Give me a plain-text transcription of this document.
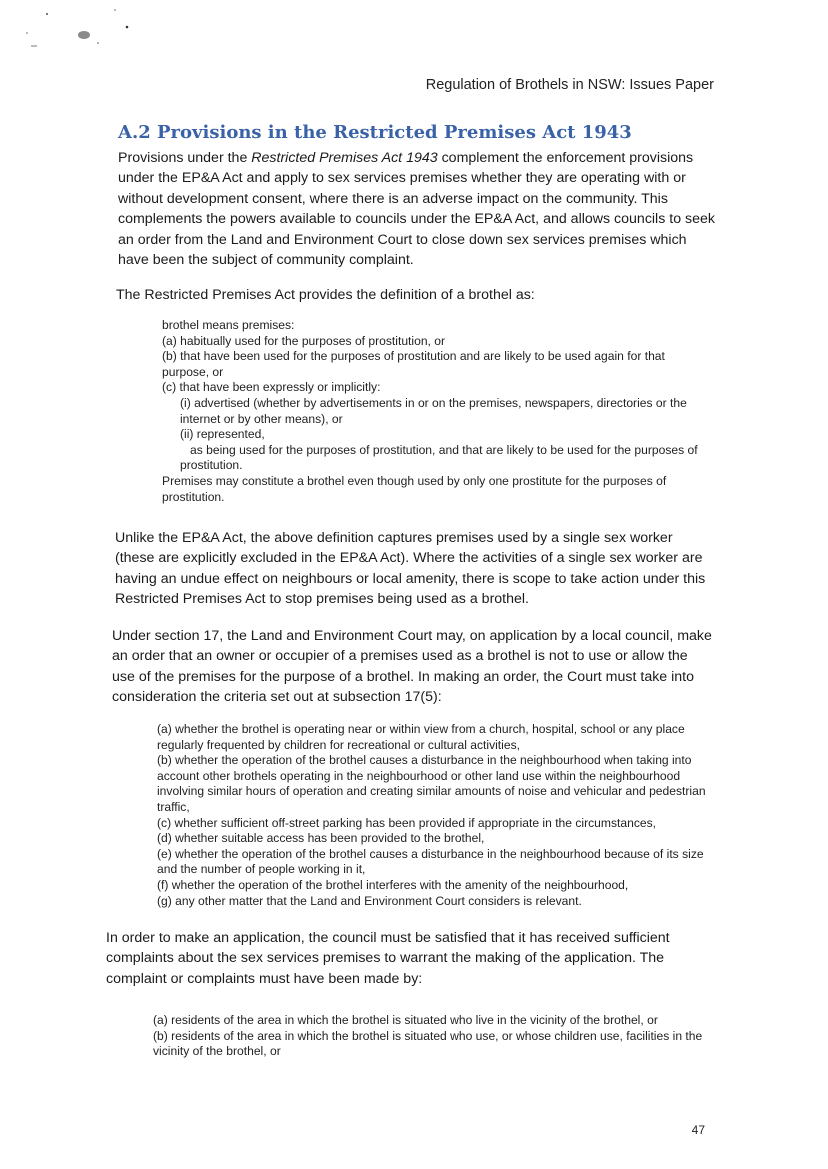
Regulation of Brothels in NSW: Issues Paper
A.2 Provisions in the Restricted Premises Act 1943

Provisions under the Restricted Premises Act 1943 complement the enforcement provisions under the EP&A Act and apply to sex services premises whether they are operating with or without development consent, where there is an adverse impact on the community. This complements the powers available to councils under the EP&A Act, and allows councils to seek an order from the Land and Environment Court to close down sex services premises which have been the subject of community complaint.

The Restricted Premises Act provides the definition of a brothel as:

brothel means premises:

(a) habitually used for the purposes of prostitution, or

(b) that have been used for the purposes of prostitution and are likely to be used again for that purpose, or

(c) that have been expressly or implicitly:

(i) advertised (whether by advertisements in or on the premises, newspapers, directories or the internet or by other means), or

(ii) represented,

as being used for the purposes of prostitution, and that are likely to be used for the purposes of prostitution.

Premises may constitute a brothel even though used by only one prostitute for the purposes of prostitution.

Unlike the EP&A Act, the above definition captures premises used by a single sex worker (these are explicitly excluded in the EP&A Act). Where the activities of a single sex worker are having an undue effect on neighbours or local amenity, there is scope to take action under this Restricted Premises Act to stop premises being used as a brothel.

Under section 17, the Land and Environment Court may, on application by a local council, make an order that an owner or occupier of a premises used as a brothel is not to use or allow the use of the premises for the purpose of a brothel. In making an order, the Court must take into consideration the criteria set out at subsection 17(5):

(a) whether the brothel is operating near or within view from a church, hospital, school or any place regularly frequented by children for recreational or cultural activities,

(b) whether the operation of the brothel causes a disturbance in the neighbourhood when taking into account other brothels operating in the neighbourhood or other land use within the neighbourhood involving similar hours of operation and creating similar amounts of noise and vehicular and pedestrian traffic,

(c) whether sufficient off-street parking has been provided if appropriate in the circumstances,

(d) whether suitable access has been provided to the brothel,

(e) whether the operation of the brothel causes a disturbance in the neighbourhood because of its size and the number of people working in it,

(f) whether the operation of the brothel interferes with the amenity of the neighbourhood,

(g) any other matter that the Land and Environment Court considers is relevant.

In order to make an application, the council must be satisfied that it has received sufficient complaints about the sex services premises to warrant the making of the application. The complaint or complaints must have been made by:

(a) residents of the area in which the brothel is situated who live in the vicinity of the brothel, or

(b) residents of the area in which the brothel is situated who use, or whose children use, facilities in the vicinity of the brothel, or

47
